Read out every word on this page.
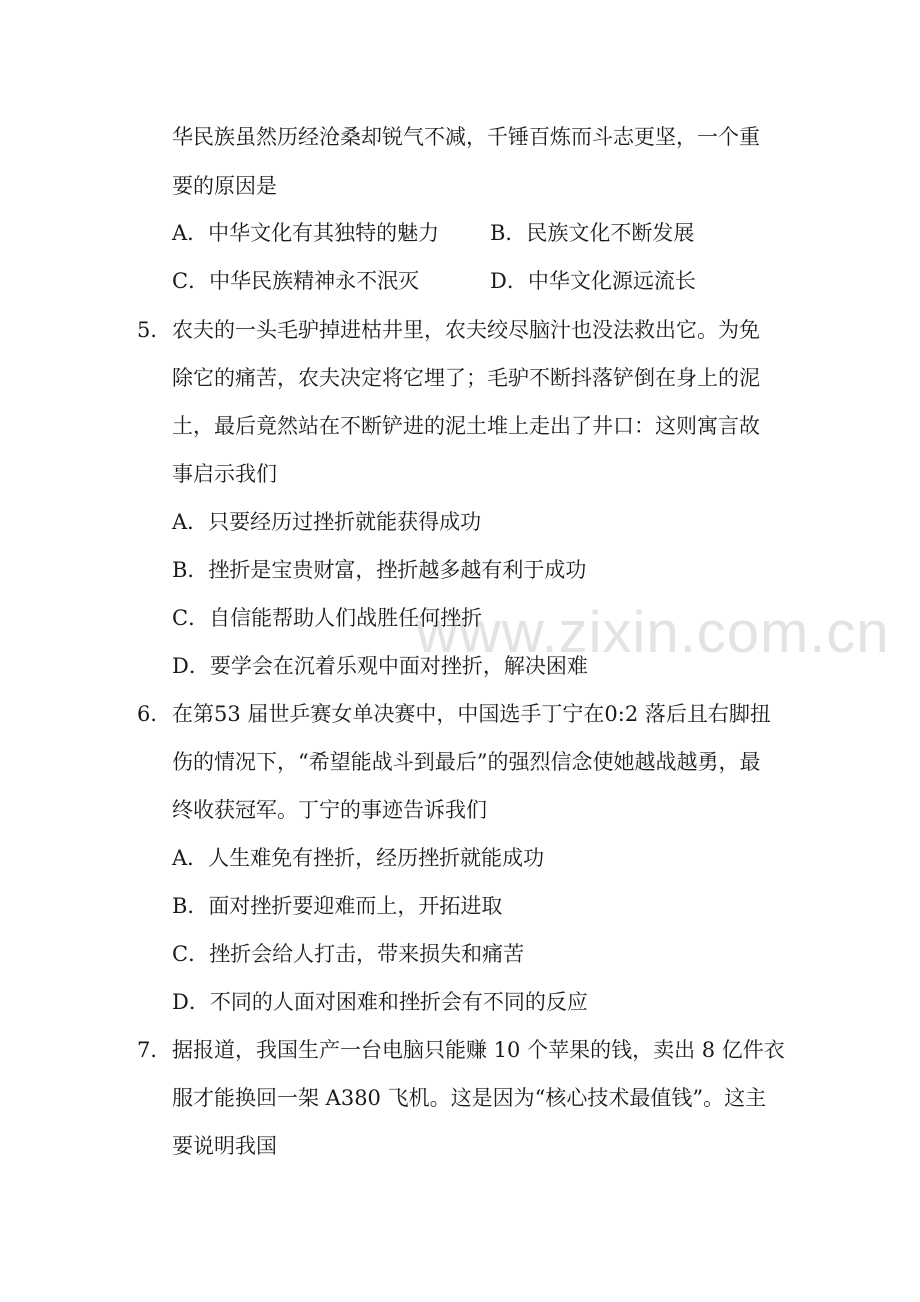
www.zixin.com.cn
华民族虽然历经沧桑却锐气不减，千锤百炼而斗志更坚，一个重
要的原因是
A．中华文化有其独特的魅力 B．民族文化不断发展
C．中华民族精神永不泯灭	D．中华文化源远流长
5． 农夫的一头毛驴掉进枯井里，农夫绞尽脑汁也没法救出它。为免
除它的痛苦，农夫决定将它埋了；毛驴不断抖落铲倒在身上的泥
土，最后竟然站在不断铲进的泥土堆上走出了井口：这则寓言故
事启示我们
A．只要经历过挫折就能获得成功
B．挫折是宝贵财富，挫折越多越有利于成功
C．自信能帮助人们战胜任何挫折
D．要学会在沉着乐观中面对挫折，解决困难
6． 在第53 届世乒赛女单决赛中，中国选手丁宁在0:2 落后且右脚扭
伤的情况下，“希望能战斗到最后”的强烈信念使她越战越勇，最
终收获冠军。丁宁的事迹告诉我们
A．人生难免有挫折，经历挫折就能成功
B．面对挫折要迎难而上，开拓进取
C．挫折会给人打击，带来损失和痛苦
D．不同的人面对困难和挫折会有不同的反应
7． 据报道，我国生产一台电脑只能赚 10 个苹果的钱，卖出 8 亿件衣
服才能换回一架 A380 飞机。这是因为“核心技术最值钱”。这主
要说明我国
